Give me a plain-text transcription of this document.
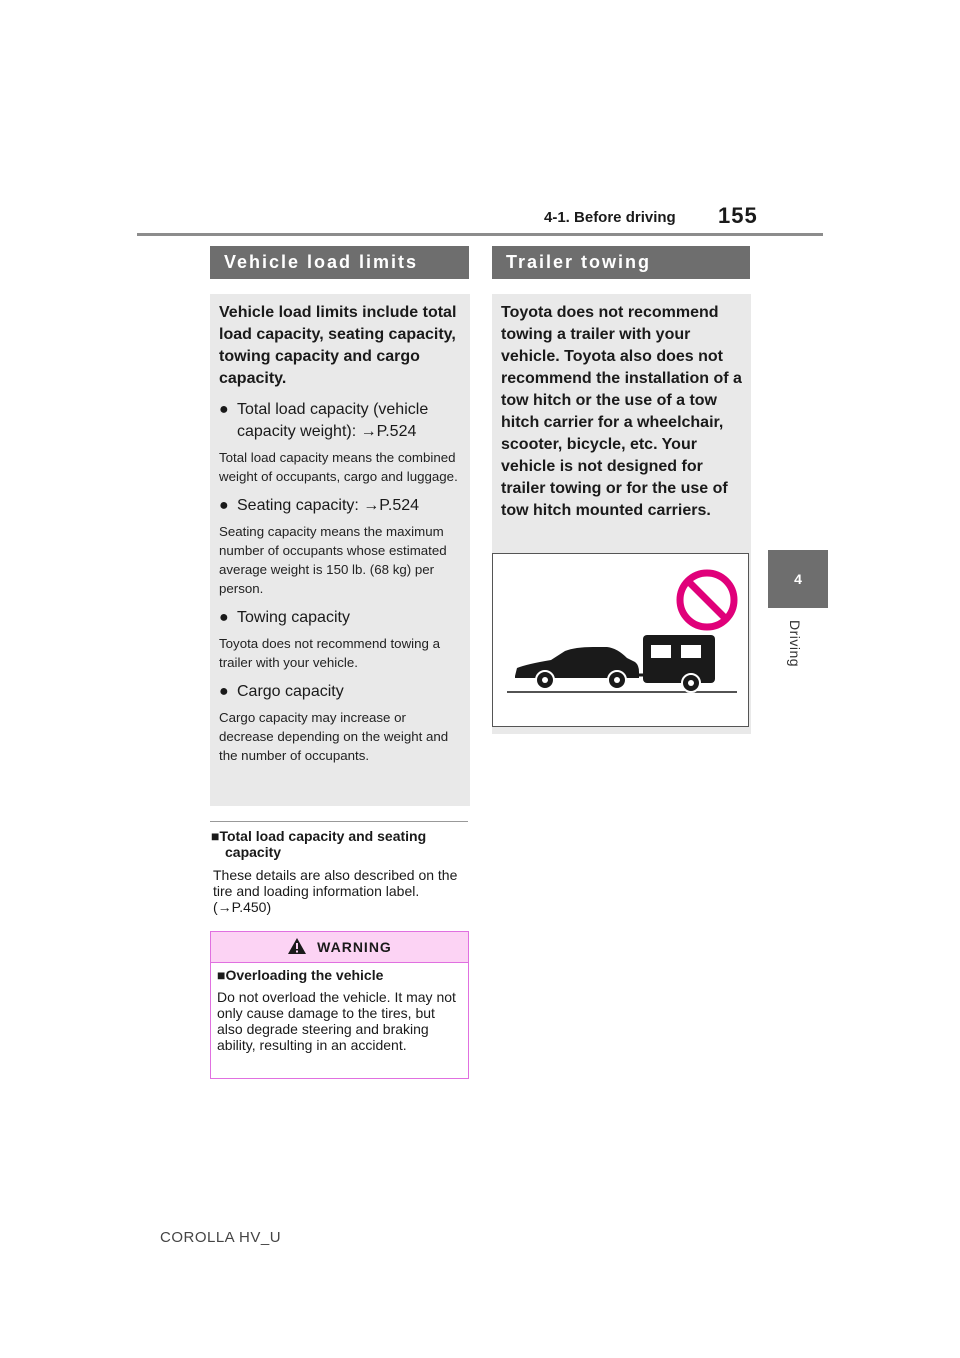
4-1. Before driving 155
4
Driving
Vehicle load limits
Vehicle load limits include total load capacity, seating capacity, towing capacity and cargo capacity.
● Total load capacity (vehicle capacity weight): →P.524
Total load capacity means the combined weight of occupants, cargo and luggage.
● Seating capacity: →P.524
Seating capacity means the maximum number of occupants whose estimated average weight is 150 lb. (68 kg) per person.
● Towing capacity
Toyota does not recommend towing a trailer with your vehicle.
● Cargo capacity
Cargo capacity may increase or decrease depending on the weight and the number of occupants.
■Total load capacity and seating capacity
These details are also described on the tire and loading information label. (→P.450)
WARNING
■Overloading the vehicle
Do not overload the vehicle. It may not only cause damage to the tires, but also degrade steering and braking ability, resulting in an accident.
Trailer towing
Toyota does not recommend towing a trailer with your vehicle. Toyota also does not recommend the installation of a tow hitch or the use of a tow hitch carrier for a wheelchair, scooter, bicycle, etc. Your vehicle is not designed for trailer towing or for the use of tow hitch mounted carriers.
COROLLA HV_U
